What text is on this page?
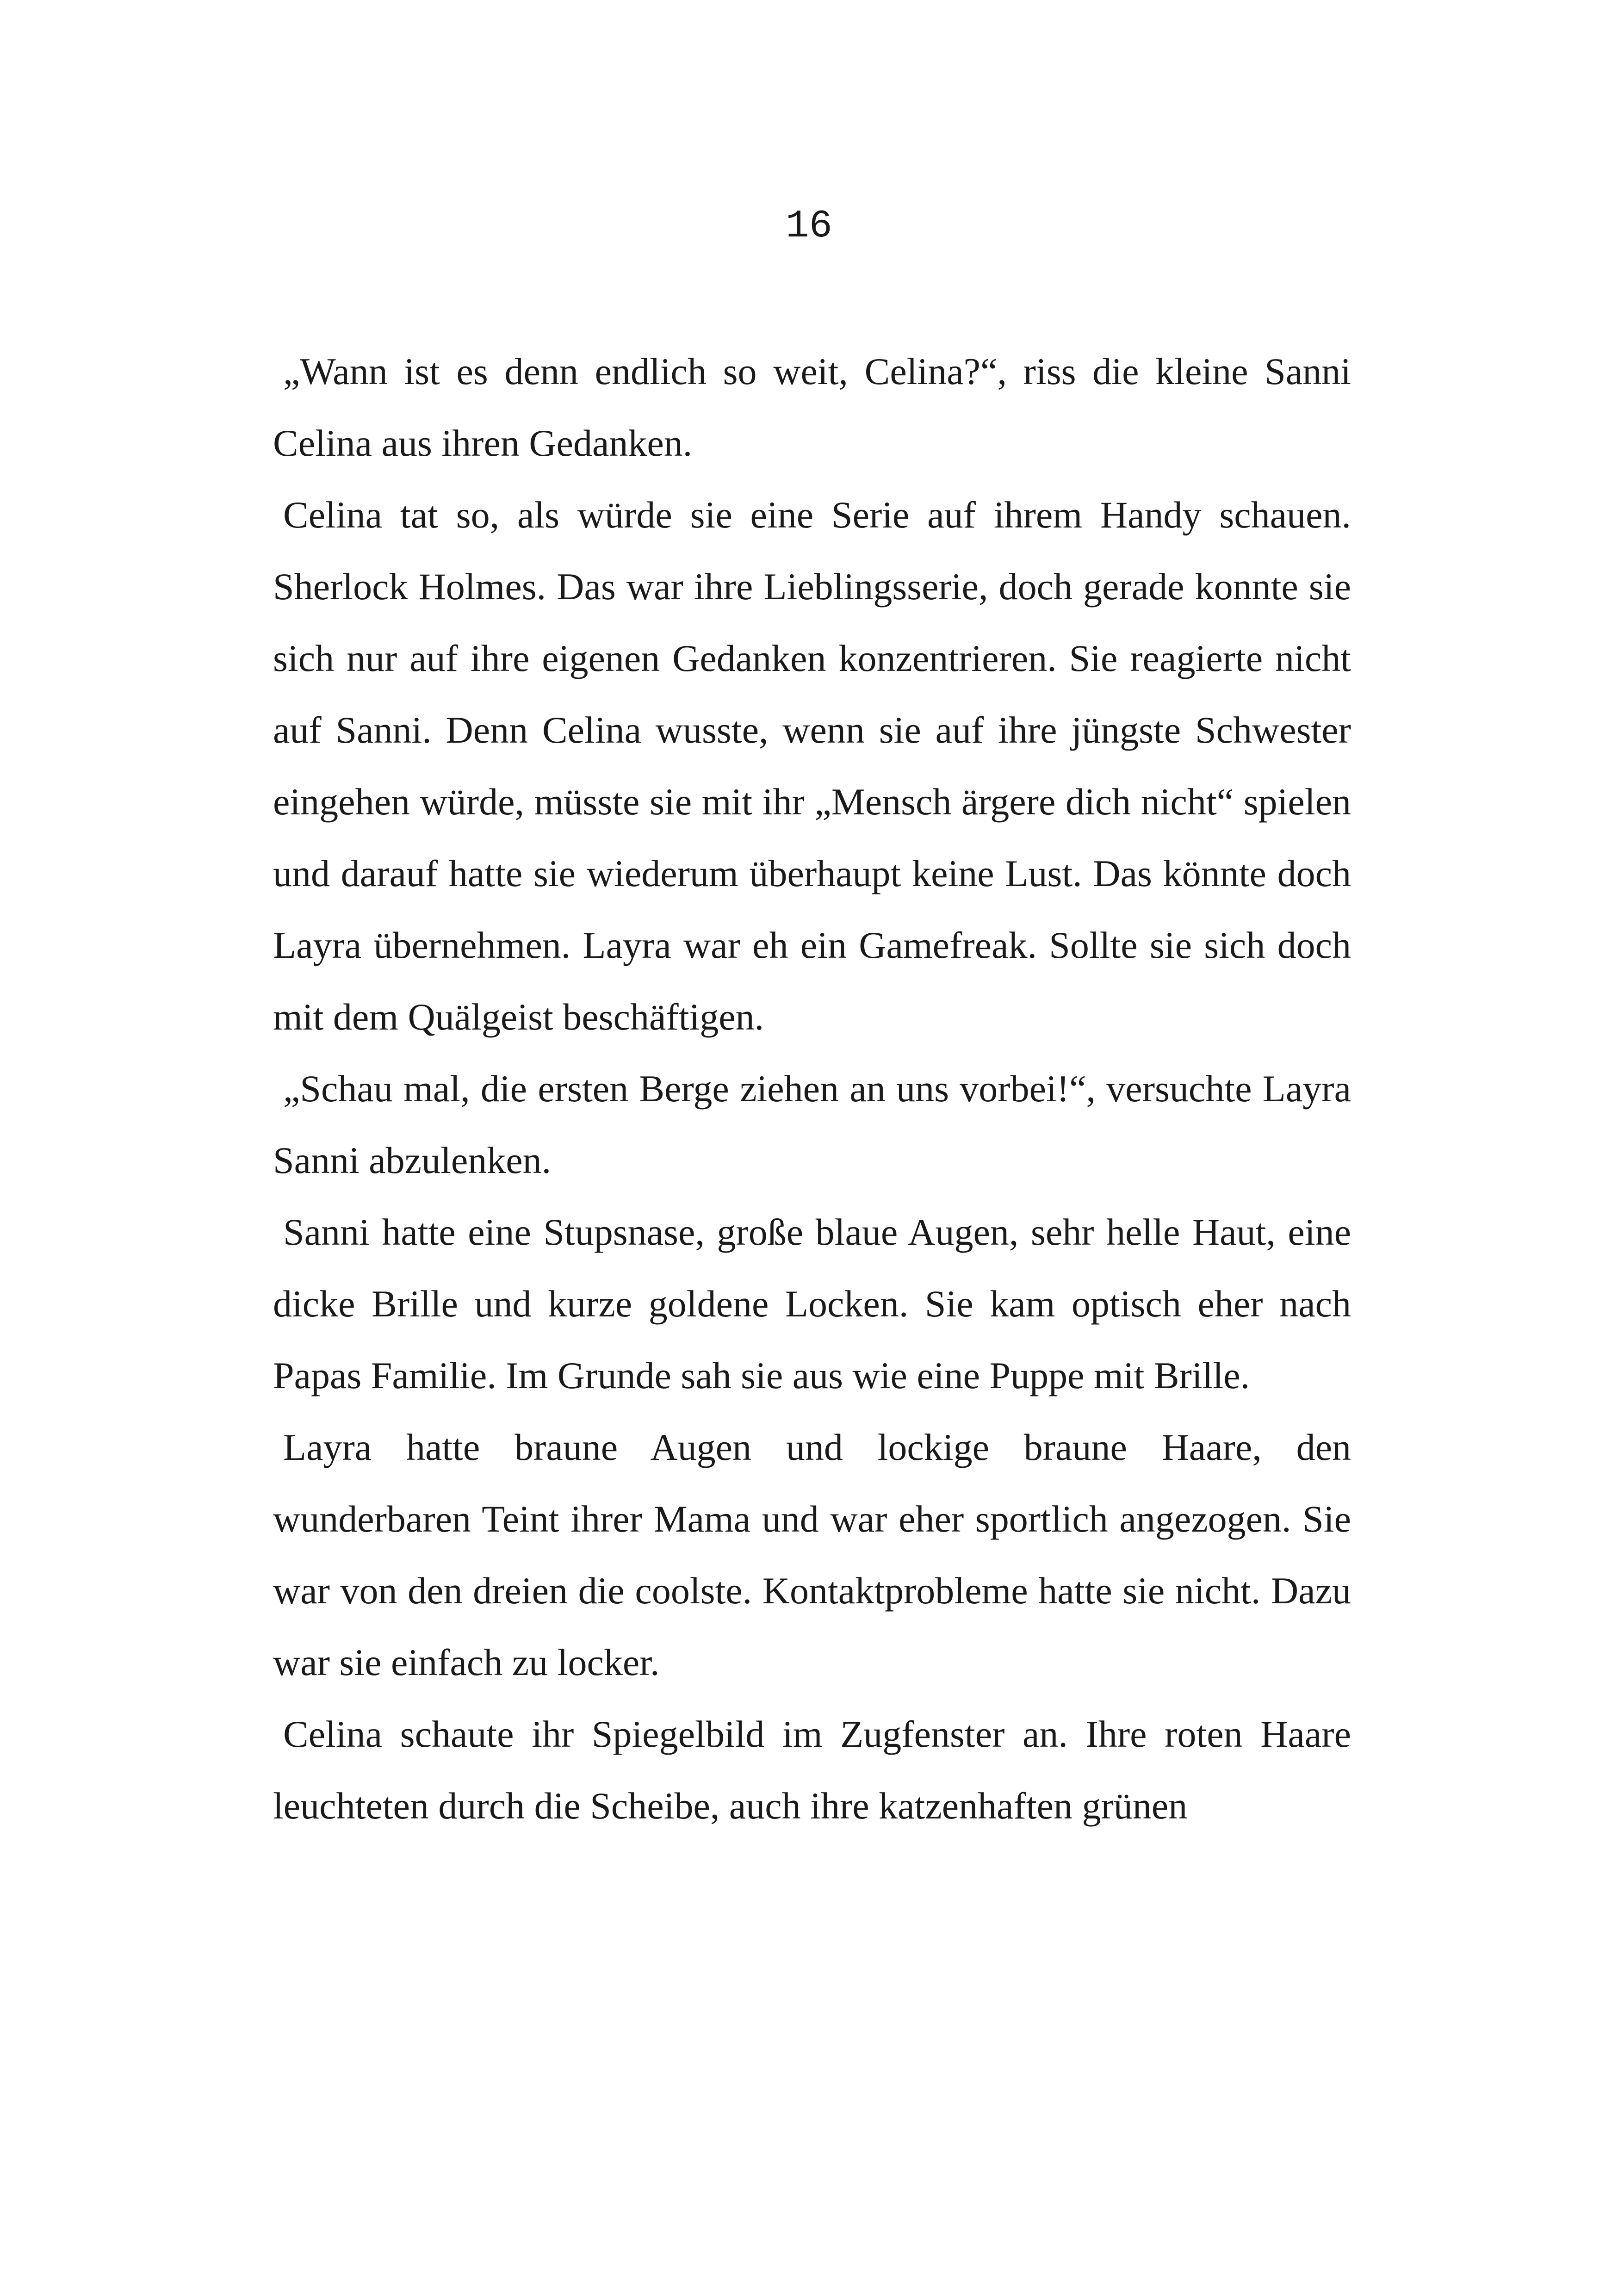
16

„Wann ist es denn endlich so weit, Celina?“, riss die kleine Sanni Celina aus ihren Gedanken.

Celina tat so, als würde sie eine Serie auf ihrem Handy schauen. Sherlock Holmes. Das war ihre Lieblingsserie, doch gerade konnte sie sich nur auf ihre eigenen Gedanken konzentrieren. Sie reagierte nicht auf Sanni. Denn Celina wusste, wenn sie auf ihre jüngste Schwester eingehen würde, müsste sie mit ihr „Mensch ärgere dich nicht“ spielen und darauf hatte sie wiederum überhaupt keine Lust. Das könnte doch Layra übernehmen. Layra war eh ein Gamefreak. Sollte sie sich doch mit dem Quälgeist beschäftigen.

„Schau mal, die ersten Berge ziehen an uns vorbei!“, versuchte Layra Sanni abzulenken.

Sanni hatte eine Stupsnase, große blaue Augen, sehr helle Haut, eine dicke Brille und kurze goldene Locken. Sie kam optisch eher nach Papas Familie. Im Grunde sah sie aus wie eine Puppe mit Brille.

Layra hatte braune Augen und lockige braune Haare, den wunderbaren Teint ihrer Mama und war eher sportlich angezogen. Sie war von den dreien die coolste. Kontaktprobleme hatte sie nicht. Dazu war sie einfach zu locker.

Celina schaute ihr Spiegelbild im Zugfenster an. Ihre roten Haare leuchteten durch die Scheibe, auch ihre katzenhaften grünen
